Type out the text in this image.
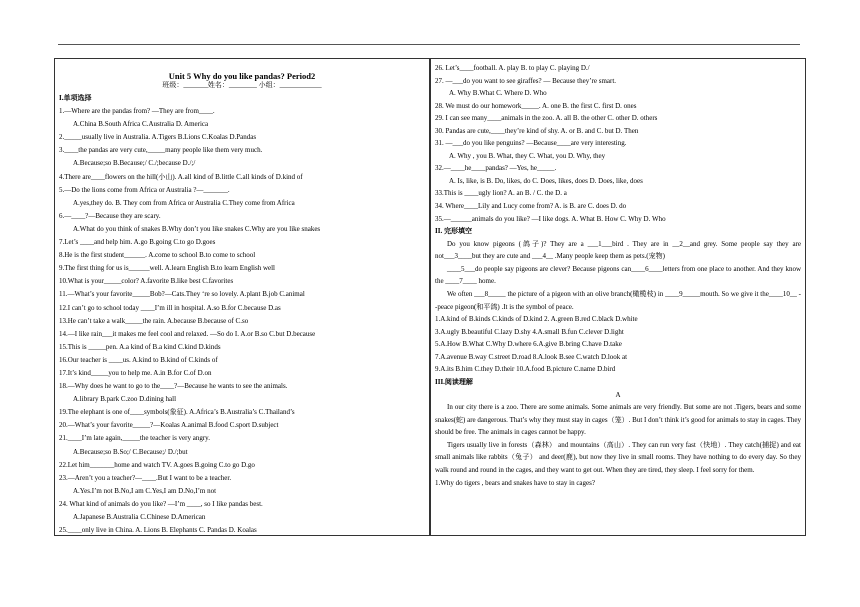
Unit 5 Why do you like pandas? Period2
班级：_______姓名：________ 小组：____________
I.单项选择
1.—Where are the pandas from? —They are from____.
A.China B.South Africa C.Australia D. America
2._____usually live in Australia. A.Tigers B.Lions C.Koalas D.Pandas
3.____the pandas are very cute,_____many people like them very much.
A.Because;so B.Because;/ C./;because D./;/
4.There are____flowers on the hill(小山). A.all kind of B.little C.all kinds of D.kind of
5.—Do the lions come from Africa or Australia ?—_______.
A.yes,they do. B. They com from Africa or Australia C.They come from Africa
6.—____?—Because they are scary.
A.What do you think of snakes B.Why don’t you like snakes C.Why are you like snakes
7.Let’s ____and help him. A.go B.going C.to go D.goes
8.He is the first student______. A.come to school B.to come to school
9.The first thing for us is______well. A.learn English B.to learn English well
10.What is your_____color? A.favorite B.like best C.favorites
11.—What’s your favorite_____Bob?—Cats.They ‘re so lovely. A.plant B.job C.animal
12.I can’t go to school today ____I’m ill in hospital. A.so B.for C.because D.as
13.He can’t take a walk_____the rain. A.because B.because of C.so
14.—I like rain___it makes me feel cool and relaxed. —So do I. A.or B.so C.but D.because
15.This is _____pen. A.a kind of B.a kind C.kind D.kinds
16.Our teacher is ____us. A.kind to B.kind of C.kinds of
17.It’s kind_____you to help me. A.in B.for C.of D.on
18.—Why does he want to go to the____?—Because he wants to see the animals.
A.library B.park C.zoo D.dining hall
19.The elephant is one of____symbols(象征). A.Africa’s B.Australia’s C.Thailand’s
20.—What’s your favorite_____?—Koalas A.animal B.food C.sport D.subject
21.____I’m late again,_____the teacher is very angry.
A.Because;so B.So;/ C.Because;/ D./;but
22.Let him_______home and watch TV. A.goes B.going C.to go D.go
23.—Aren’t you a teacher?—____.But I want to be a teacher.
A.Yes.I’m not B.No,I am C.Yes,I am D.No,I’m not
24. What kind of animals do you like? —I’m ____, so I like pandas best.
A.Japanese B.Australia C.Chinese D.American
25.____only live in China. A. Lions B. Elephants C. Pandas D. Koalas
26. Let’s____football. A. play B. to play C. playing D./
27. —___do you want to see giraffes? — Because they’re smart.
A. Why B.What C. Where D. Who
28. We must do our homework_____. A. one B. the first C. first D. ones
29. I can see many____animals in the zoo. A. all B. the other C. other D. others
30. Pandas are cute,____they’re kind of shy. A. or B. and C. but D. Then
31. —___do you like penguins? —Because____are very interesting.
A. Why , you B. What, they C. What, you D. Why, they
32.—____he____pandas? —Yes, he_____.
A. Is, like, is B. Do, likes, do C. Does, likes, does D. Does, like, does
33.This is ____ugly lion? A. an B. / C. the D. a
34. Where____Lily and Lucy come from? A. is B. are C. does D. do
35.—______animals do you like? —I like dogs. A. What B. How C. Why D. Who
II. 完形填空

Do you know pigeons (鸽子)? They are a ___1___bird . They are in __2__and grey. Some people say they are not___3____but they are cute and ___4__ .Many people keep them as pets.(宠物)

____5___do people say pigeons are clever? Because pigeons can____6____letters from one place to another. And they know the ____7____ home.

We often ___8_____ the picture of a pigeon with an olive branch(橄榄枝) in ____9_____mouth. So we give it the____10__ --peace pigeon(和平鸽) .It is the symbol of peace.

1.A.kind of B.kinds C.kinds of D.kind 2. A.green B.red C.black D.white
3.A.ugly B.beautiful C.lazy D.shy 4.A.small B.fun C.clever D.light
5.A.How B.What C.Why D.where 6.A.give B.bring C.have D.take
7.A.avenue B.way C.street D.road 8.A.look B.see C.watch D.look at
9.A.its B.him C.they D.their 10.A.food B.picture C.name D.bird
III.阅读理解
A

In our city there is a zoo. There are some animals. Some animals are very friendly. But some are not .Tigers, bears and some snakes(蛇) are dangerous. That’s why they must stay in cages（笼）. But I don’t think it’s good for animals to stay in cages. They should be free. The animals in cages cannot be happy.

Tigers usually live in forests（森林） and mountains（高山）. They can run very fast（快地）. They catch(捕捉) and eat small animals like rabbits（兔子） and deer(鹿), but now they live in small rooms. They have nothing to do every day. So they walk round and round in the cages, and they want to get out. When they are tired, they sleep. I feel sorry for them.

1.Why do tigers , bears and snakes have to stay in cages?
